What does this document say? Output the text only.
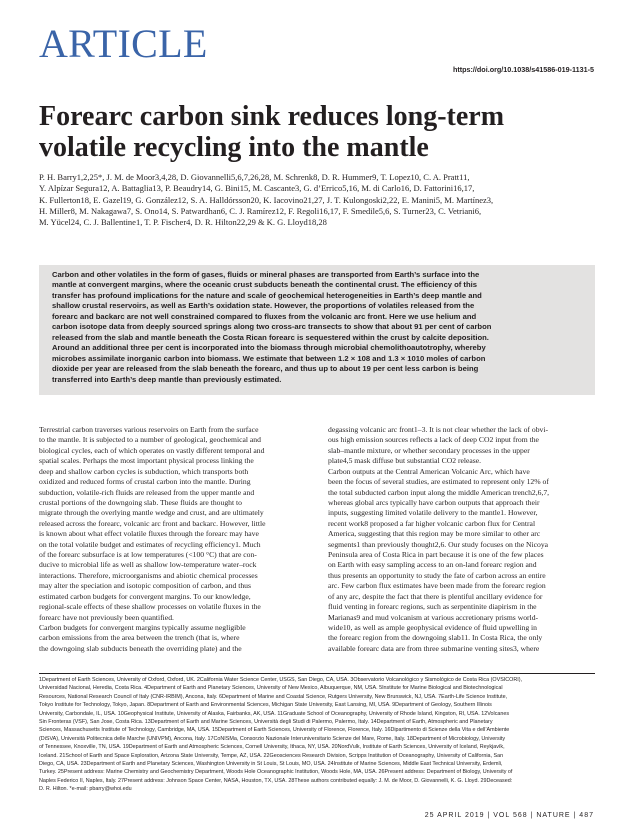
ARTICLE
https://doi.org/10.1038/s41586-019-1131-5
Forearc carbon sink reduces long-term
volatile recycling into the mantle
P. H. Barry1,2,25*, J. M. de Moor3,4,28, D. Giovannelli5,6,7,26,28, M. Schrenk8, D. R. Hummer9, T. Lopez10, C. A. Pratt11,
Y. Alpízar Segura12, A. Battaglia13, P. Beaudry14, G. Bini15, M. Cascante3, G. d’Errico5,16, M. di Carlo16, D. Fattorini16,17,
K. Fullerton18, E. Gazel19, G. González12, S. A. Halldórsson20, K. Iacovino21,27, J. T. Kulongoski2,22, E. Manini5, M. Martínez3,
H. Miller8, M. Nakagawa7, S. Ono14, S. Patwardhan6, C. J. Ramírez12, F. Regoli16,17, F. Smedile5,6, S. Turner23, C. Vetriani6,
M. Yücel24, C. J. Ballentine1, T. P. Fischer4, D. R. Hilton22,29 & K. G. Lloyd18,28
Carbon and other volatiles in the form of gases, fluids or mineral phases are transported from Earth’s surface into the
mantle at convergent margins, where the oceanic crust subducts beneath the continental crust. The efficiency of this
transfer has profound implications for the nature and scale of geochemical heterogeneities in Earth’s deep mantle and
shallow crustal reservoirs, as well as Earth’s oxidation state. However, the proportions of volatiles released from the
forearc and backarc are not well constrained compared to fluxes from the volcanic arc front. Here we use helium and
carbon isotope data from deeply sourced springs along two cross-arc transects to show that about 91 per cent of carbon
released from the slab and mantle beneath the Costa Rican forearc is sequestered within the crust by calcite deposition.
Around an additional three per cent is incorporated into the biomass through microbial chemolithoautotrophy, whereby
microbes assimilate inorganic carbon into biomass. We estimate that between 1.2 × 108 and 1.3 × 1010 moles of carbon
dioxide per year are released from the slab beneath the forearc, and thus up to about 19 per cent less carbon is being
transferred into Earth’s deep mantle than previously estimated.
Terrestrial carbon traverses various reservoirs on Earth from the surface
to the mantle. It is subjected to a number of geological, geochemical and
biological cycles, each of which operates on vastly different temporal and
spatial scales. Perhaps the most important physical process linking the
deep and shallow carbon cycles is subduction, which transports both
oxidized and reduced forms of crustal carbon into the mantle. During
subduction, volatile-rich fluids are released from the upper mantle and
crustal portions of the downgoing slab. These fluids are thought to
migrate through the overlying mantle wedge and crust, and are ultimately
released across the forearc, volcanic arc front and backarc. However, little
is known about what effect volatile fluxes through the forearc may have
on the total volatile budget and estimates of recycling efficiency1. Much
of the forearc subsurface is at low temperatures (<100 °C) that are con-
ducive to microbial life as well as shallow low-temperature water–rock
interactions. Therefore, microorganisms and abiotic chemical processes
may alter the speciation and isotopic composition of carbon, and thus
estimated carbon budgets for convergent margins. To our knowledge,
regional-scale effects of these shallow processes on volatile fluxes in the
forearc have not previously been quantified.
Carbon budgets for convergent margins typically assume negligible
carbon emissions from the area between the trench (that is, where
the downgoing slab subducts beneath the overriding plate) and the
degassing volcanic arc front1–3. It is not clear whether the lack of obvi-
ous high emission sources reflects a lack of deep CO2 input from the
slab–mantle mixture, or whether secondary processes in the upper
plate4,5 mask diffuse but substantial CO2 release.
Carbon outputs at the Central American Volcanic Arc, which have
been the focus of several studies, are estimated to represent only 12% of
the total subducted carbon input along the middle American trench2,6,7,
whereas global arcs typically have carbon outputs that approach their
inputs, suggesting limited volatile delivery to the mantle1. However,
recent work8 proposed a far higher volcanic carbon flux for Central
America, suggesting that this region may be more similar to other arc
segments1 than previously thought2,6. Our study focuses on the Nicoya
Peninsula area of Costa Rica in part because it is one of the few places
on Earth with easy sampling access to an on-land forearc region and
thus presents an opportunity to study the fate of carbon across an entire
arc. Few carbon flux estimates have been made from the forearc region
of any arc, despite the fact that there is plentiful ancillary evidence for
fluid venting in forearc regions, such as serpentinite diapirism in the
Marianas9 and mud volcanism at various accretionary prisms world-
wide10, as well as ample geophysical evidence of fluid upwelling in
the forearc region from the downgoing slab11. In Costa Rica, the only
available forearc data are from three submarine venting sites3, where
1Department of Earth Sciences, University of Oxford, Oxford, UK. 2California Water Science Center, USGS, San Diego, CA, USA. 3Observatorio Volcanológico y Sismológico de Costa Rica (OVSICORI),
Universidad Nacional, Heredia, Costa Rica. 4Department of Earth and Planetary Sciences, University of New Mexico, Albuquerque, NM, USA. 5Institute for Marine Biological and Biotechnological
Resources, National Research Council of Italy (CNR-IRBIM), Ancona, Italy. 6Department of Marine and Coastal Science, Rutgers University, New Brunswick, NJ, USA. 7Earth-Life Science Institute,
Tokyo Institute for Technology, Tokyo, Japan. 8Department of Earth and Environmental Sciences, Michigan State University, East Lansing, MI, USA. 9Department of Geology, Southern Illinois
University, Carbondale, IL, USA. 10Geophysical Institute, University of Alaska, Fairbanks, AK, USA. 11Graduate School of Oceanography, University of Rhode Island, Kingston, RI, USA. 12Volcanes
Sin Fronteras (VSF), San Jose, Costa Rica. 13Department of Earth and Marine Sciences, Università degli Studi di Palermo, Palermo, Italy. 14Department of Earth, Atmospheric and Planetary
Sciences, Massachusetts Institute of Technology, Cambridge, MA, USA. 15Department of Earth Sciences, University of Florence, Florence, Italy. 16Dipartimento di Scienze della Vita e dell’Ambiente
(DiSVA), Università Politecnica delle Marche (UNIVPM), Ancona, Italy. 17CoNISMa, Consorzio Nazionale Interuniversitario Scienze del Mare, Rome, Italy. 18Department of Microbiology, University
of Tennessee, Knoxville, TN, USA. 19Department of Earth and Atmospheric Sciences, Cornell University, Ithaca, NY, USA. 20NordVulk, Institute of Earth Sciences, University of Iceland, Reykjavík,
Iceland. 21School of Earth and Space Exploration, Arizona State University, Tempe, AZ, USA. 22Geosciences Research Division, Scripps Institution of Oceanography, University of California, San
Diego, CA, USA. 23Department of Earth and Planetary Sciences, Washington University in St Louis, St Louis, MO, USA. 24Institute of Marine Sciences, Middle East Technical University, Erdemli,
Turkey. 25Present address: Marine Chemistry and Geochemistry Department, Woods Hole Oceanographic Institution, Woods Hole, MA, USA. 26Present address: Department of Biology, University of
Naples Federico II, Naples, Italy. 27Present address: Johnson Space Center, NASA, Houston, TX, USA. 28These authors contributed equally: J. M. de Moor, D. Giovannelli, K. G. Lloyd. 29Deceased:
D. R. Hilton. *e-mail: pbarry@whoi.edu
25 APRIL 2019 | VOL 568 | NATURE | 487
